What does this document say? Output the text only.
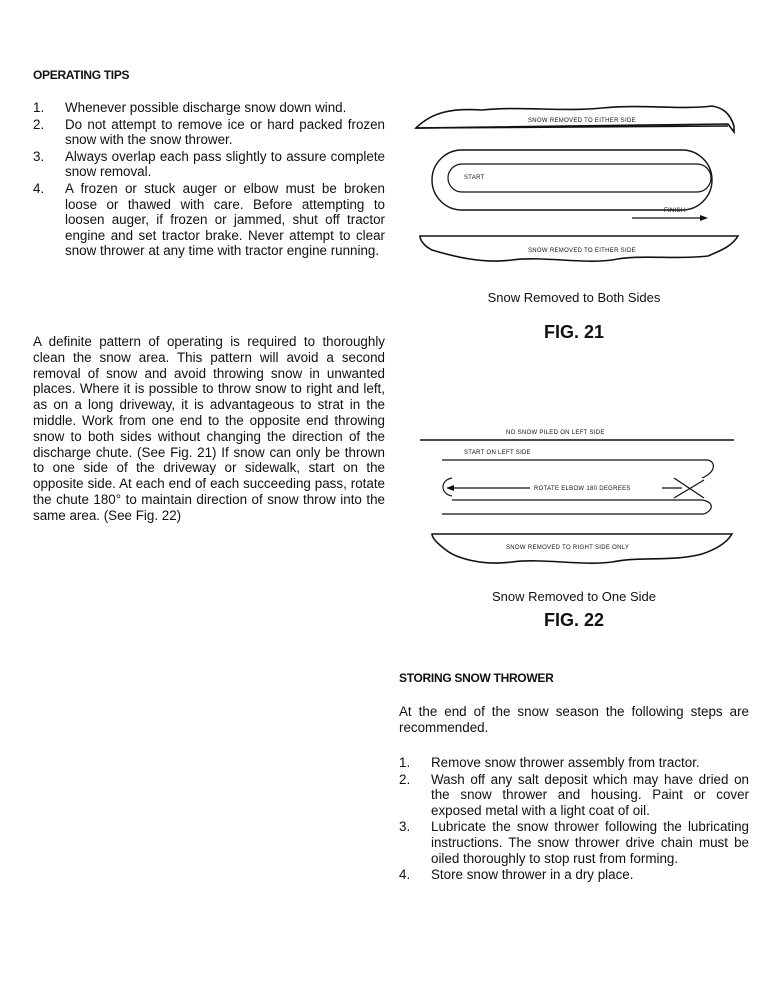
OPERATING TIPS
1. Whenever possible discharge snow down wind.
2. Do not attempt to remove ice or hard packed frozen snow with the snow thrower.
3. Always overlap each pass slightly to assure complete snow removal.
4. A frozen or stuck auger or elbow must be broken loose or thawed with care. Before attempting to loosen auger, if frozen or jammed, shut off tractor engine and set tractor brake. Never attempt to clear snow thrower at any time with tractor engine running.

A definite pattern of operating is required to thoroughly clean the snow area. This pattern will avoid a second removal of snow and avoid throwing snow in unwanted places. Where it is possible to throw snow to right and left, as on a long driveway, it is advantageous to strat in the middle. Work from one end to the opposite end throwing snow to both sides without changing the direction of the discharge chute. (See Fig. 21) If snow can only be thrown to one side of the driveway or sidewalk, start on the opposite side. At each end of each succeeding pass, rotate the chute 180° to maintain direction of snow throw into the same area. (See Fig. 22)

SNOW REMOVED TO EITHER SIDE
START
FINISH
SNOW REMOVED TO EITHER SIDE
Snow Removed to Both Sides
FIG. 21
NO SNOW PILED ON LEFT SIDE
START ON LEFT SIDE
ROTATE ELBOW 180 DEGREES
SNOW REMOVED TO RIGHT SIDE ONLY
Snow Removed to One Side
FIG. 22
STORING SNOW THROWER

At the end of the snow season the following steps are recommended.

1. Remove snow thrower assembly from tractor.
2. Wash off any salt deposit which may have dried on the snow thrower and housing. Paint or cover exposed metal with a light coat of oil.
3. Lubricate the snow thrower following the lubricating instructions. The snow thrower drive chain must be oiled thoroughly to stop rust from forming.
4. Store snow thrower in a dry place.
